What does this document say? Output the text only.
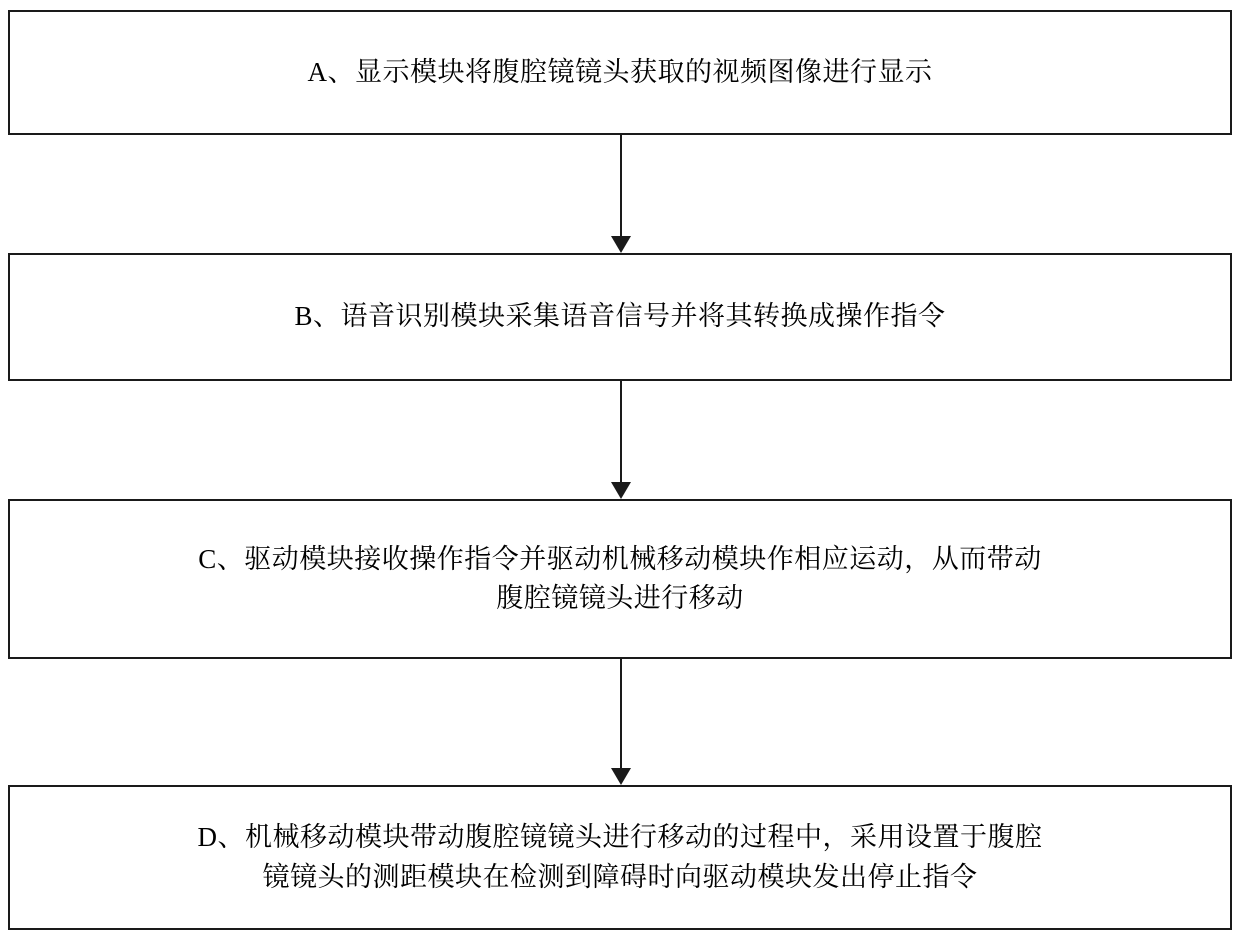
A、显示模块将腹腔镜镜头获取的视频图像进行显示
B、语音识别模块采集语音信号并将其转换成操作指令
C、驱动模块接收操作指令并驱动机械移动模块作相应运动，从而带动
腹腔镜镜头进行移动
D、机械移动模块带动腹腔镜镜头进行移动的过程中，采用设置于腹腔
镜镜头的测距模块在检测到障碍时向驱动模块发出停止指令
